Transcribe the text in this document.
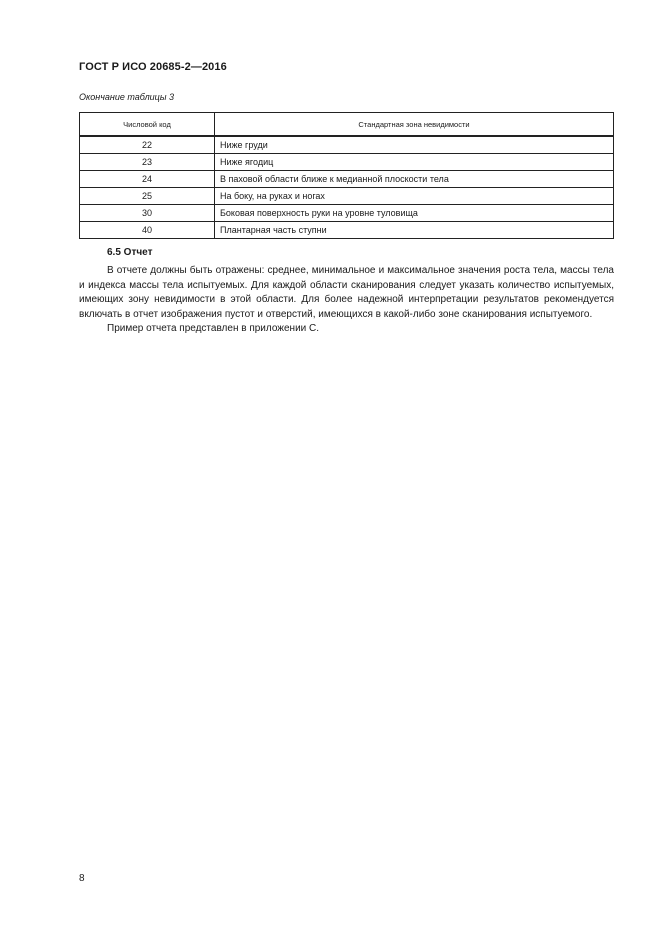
ГОСТ Р ИСО 20685-2—2016
Окончание таблицы 3
Числовой код	Стандартная зона невидимости
22	Ниже груди
23	Ниже ягодиц
24	В паховой области ближе к медианной плоскости тела
25	На боку, на руках и ногах
30	Боковая поверхность руки на уровне туловища
40	Плантарная часть ступни
6.5 Отчет

В отчете должны быть отражены: среднее, минимальное и максимальное значения роста тела, массы тела и индекса массы тела испытуемых. Для каждой области сканирования следует указать количество испытуемых, имеющих зону невидимости в этой области. Для более надежной интерпретации результатов рекомендуется включать в отчет изображения пустот и отверстий, имеющихся в какой-либо зоне сканирования испытуемого.

Пример отчета представлен в приложении С.

8
